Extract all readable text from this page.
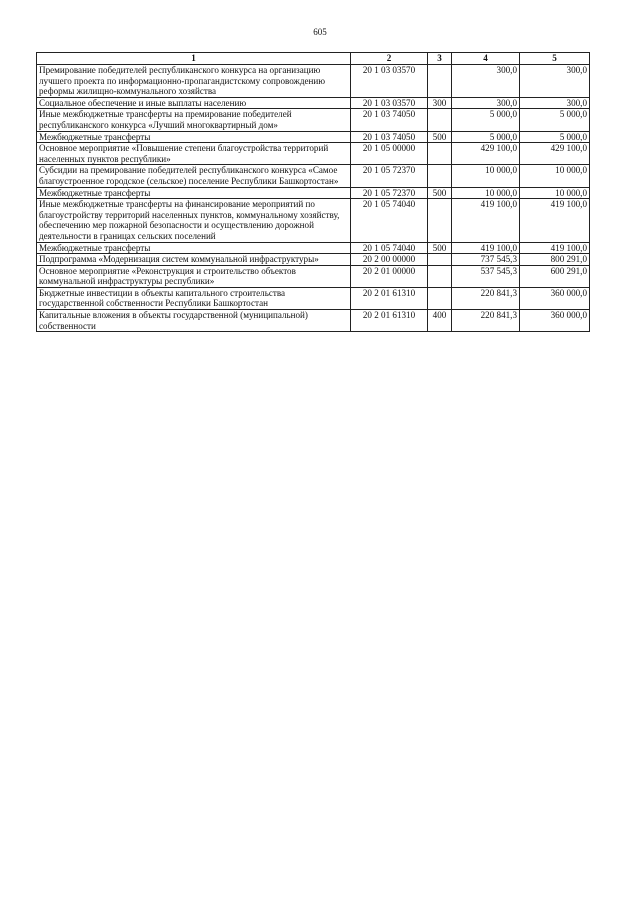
605
1	2	3	4	5
Премирование победителей республиканского конкурса на организацию лучшего проекта по информационно-пропагандистскому сопровождению реформы жилищно-коммунального хозяйства	20 1 03 03570		300,0	300,0
Социальное обеспечение и иные выплаты населению	20 1 03 03570	300	300,0	300,0
Иные межбюджетные трансферты на премирование победителей республиканского конкурса «Лучший многоквартирный дом»	20 1 03 74050		5 000,0	5 000,0
Межбюджетные трансферты	20 1 03 74050	500	5 000,0	5 000,0
Основное мероприятие «Повышение степени благоустройства территорий населенных пунктов республики»	20 1 05 00000		429 100,0	429 100,0
Субсидии на премирование победителей республиканского конкурса «Самое благоустроенное городское (сельское) поселение Республики Башкортостан»	20 1 05 72370		10 000,0	10 000,0
Межбюджетные трансферты	20 1 05 72370	500	10 000,0	10 000,0
Иные межбюджетные трансферты на финансирование мероприятий по благоустройству территорий населенных пунктов, коммунальному хозяйству, обеспечению мер пожарной безопасности и осуществлению дорожной деятельности в границах сельских поселений	20 1 05 74040		419 100,0	419 100,0
Межбюджетные трансферты	20 1 05 74040	500	419 100,0	419 100,0
Подпрограмма «Модернизация систем коммунальной инфраструктуры»	20 2 00 00000		737 545,3	800 291,0
Основное мероприятие «Реконструкция и строительство объектов коммунальной инфраструктуры республики»	20 2 01 00000		537 545,3	600 291,0
Бюджетные инвестиции в объекты капитального строительства государственной собственности Республики Башкортостан	20 2 01 61310		220 841,3	360 000,0
Капитальные вложения в объекты государственной (муниципальной) собственности	20 2 01 61310	400	220 841,3	360 000,0
